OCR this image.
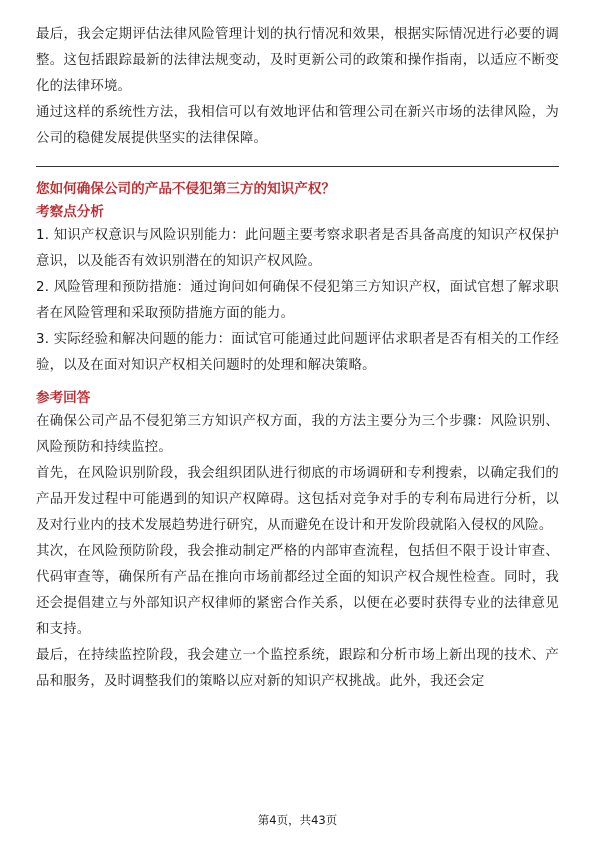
最后，我会定期评估法律风险管理计划的执行情况和效果，根据实际情况进行必要的调整。这包括跟踪最新的法律法规变动，及时更新公司的政策和操作指南，以适应不断变化的法律环境。

通过这样的系统性方法，我相信可以有效地评估和管理公司在新兴市场的法律风险，为公司的稳健发展提供坚实的法律保障。

您如何确保公司的产品不侵犯第三方的知识产权？

考察点分析

1. 知识产权意识与风险识别能力：此问题主要考察求职者是否具备高度的知识产权保护意识，以及能否有效识别潜在的知识产权风险。

2. 风险管理和预防措施：通过询问如何确保不侵犯第三方知识产权，面试官想了解求职者在风险管理和采取预防措施方面的能力。

3. 实际经验和解决问题的能力：面试官可能通过此问题评估求职者是否有相关的工作经验，以及在面对知识产权相关问题时的处理和解决策略。

参考回答

在确保公司产品不侵犯第三方知识产权方面，我的方法主要分为三个步骤：风险识别、风险预防和持续监控。

首先，在风险识别阶段，我会组织团队进行彻底的市场调研和专利搜索，以确定我们的产品开发过程中可能遇到的知识产权障碍。这包括对竞争对手的专利布局进行分析，以及对行业内的技术发展趋势进行研究，从而避免在设计和开发阶段就陷入侵权的风险。

其次，在风险预防阶段，我会推动制定严格的内部审查流程，包括但不限于设计审查、代码审查等，确保所有产品在推向市场前都经过全面的知识产权合规性检查。同时，我还会提倡建立与外部知识产权律师的紧密合作关系，以便在必要时获得专业的法律意见和支持。

最后，在持续监控阶段，我会建立一个监控系统，跟踪和分析市场上新出现的技术、产品和服务，及时调整我们的策略以应对新的知识产权挑战。此外，我还会定

第4页，共43页
